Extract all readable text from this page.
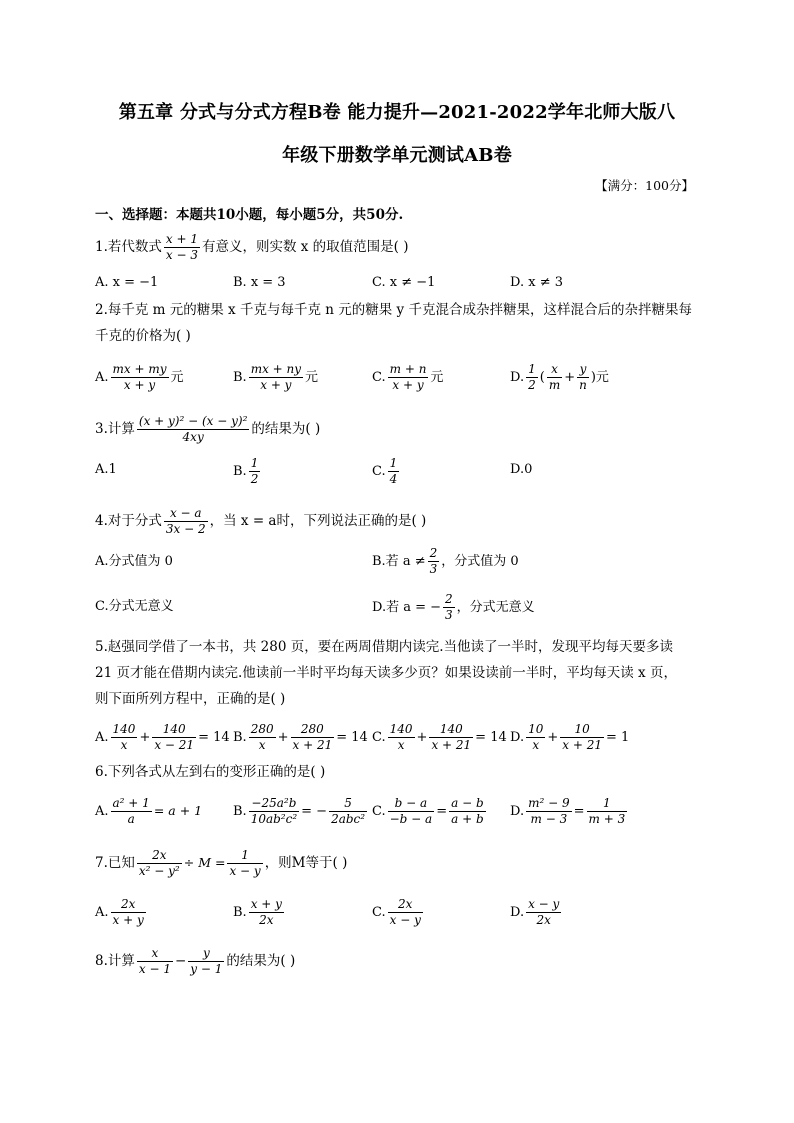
第五章 分式与分式方程B卷 能力提升—2021-2022学年北师大版八
年级下册数学单元测试AB卷
【满分：100分】
一、选择题：本题共10小题，每小题5分，共50分.
1.若代数式 $\frac{x + 1}{x - 3}$ 有意义，则实数 x 的取值范围是( )
A. x = −1	B. x = 3	C. x ≠ −1	D. x ≠ 3
2.每千克 m 元的糖果 x 千克与每千克 n 元的糖果 y 千克混合成杂拌糖果，这样混合后的杂拌糖果每
千克的价格为( )
A. $\frac{mx + my}{x + y}$ 元	B. $\frac{mx + ny}{x + y}$ 元	C. $\frac{m + n}{x + y}$ 元	D. $\frac{1}{2}$ ( $\frac{x}{m} + \frac{y}{n}$ )元
3.计算 $\frac{\text{(x + y)² − (x − y)²}}{4xy}$ 的结果为( )
A.1	B. $\frac{1}{2}$	C. $\frac{1}{4}$	D.0
4.对于分式 $\frac{x - a}{3x - 2}$ ，当 x = a时，下列说法正确的是( )
A.分式值为 0	B.若 $a \ne \frac{2}{3}$ ，分式值为 0
C.分式无意义	D.若 a = − $\frac{2}{3}$ ，分式无意义
5.赵强同学借了一本书，共 280 页，要在两周借期内读完.当他读了一半时，发现平均每天要多读
21 页才能在借期内读完.他读前一半时平均每天读多少页？如果设读前一半时，平均每天读 x 页，
则下面所列方程中，正确的是( )
A. $\frac{140}{x} + \frac{140}{x - 21} = 14$ B. $\frac{280}{x} + \frac{280}{x + 21} = 14$ C. $\frac{140}{x} + \frac{140}{x + 21} = 14$ D. $\frac{10}{x} + \frac{10}{x + 21} = 1$
6.下列各式从左到右的变形正确的是( )
A. $\frac{\text{a² + 1}}{a} = a + 1$ B. $\frac{\text{−25a²b}}{\text{10ab²c²}}$ = − $\frac{5}{\text{2abc²}} C$. $\frac{b - a}{-b - a} = \frac{a - b}{a + b} D$. $\frac{\text{m² − 9}}{m - 3} = \frac{1}{m + 3}$
7.已知 $\frac{2x}{\text{x² − y²}} \div M = \frac{1}{x - y}$ ，则M等于( )
A. $\frac{2x}{x + y}$	B. $\frac{x + y}{2x}$	C. $\frac{2x}{x - y}$	D. $\frac{x - y}{2x}$
8.计算 $\frac{x}{x - 1} - \frac{y}{y - 1}$ 的结果为( )
